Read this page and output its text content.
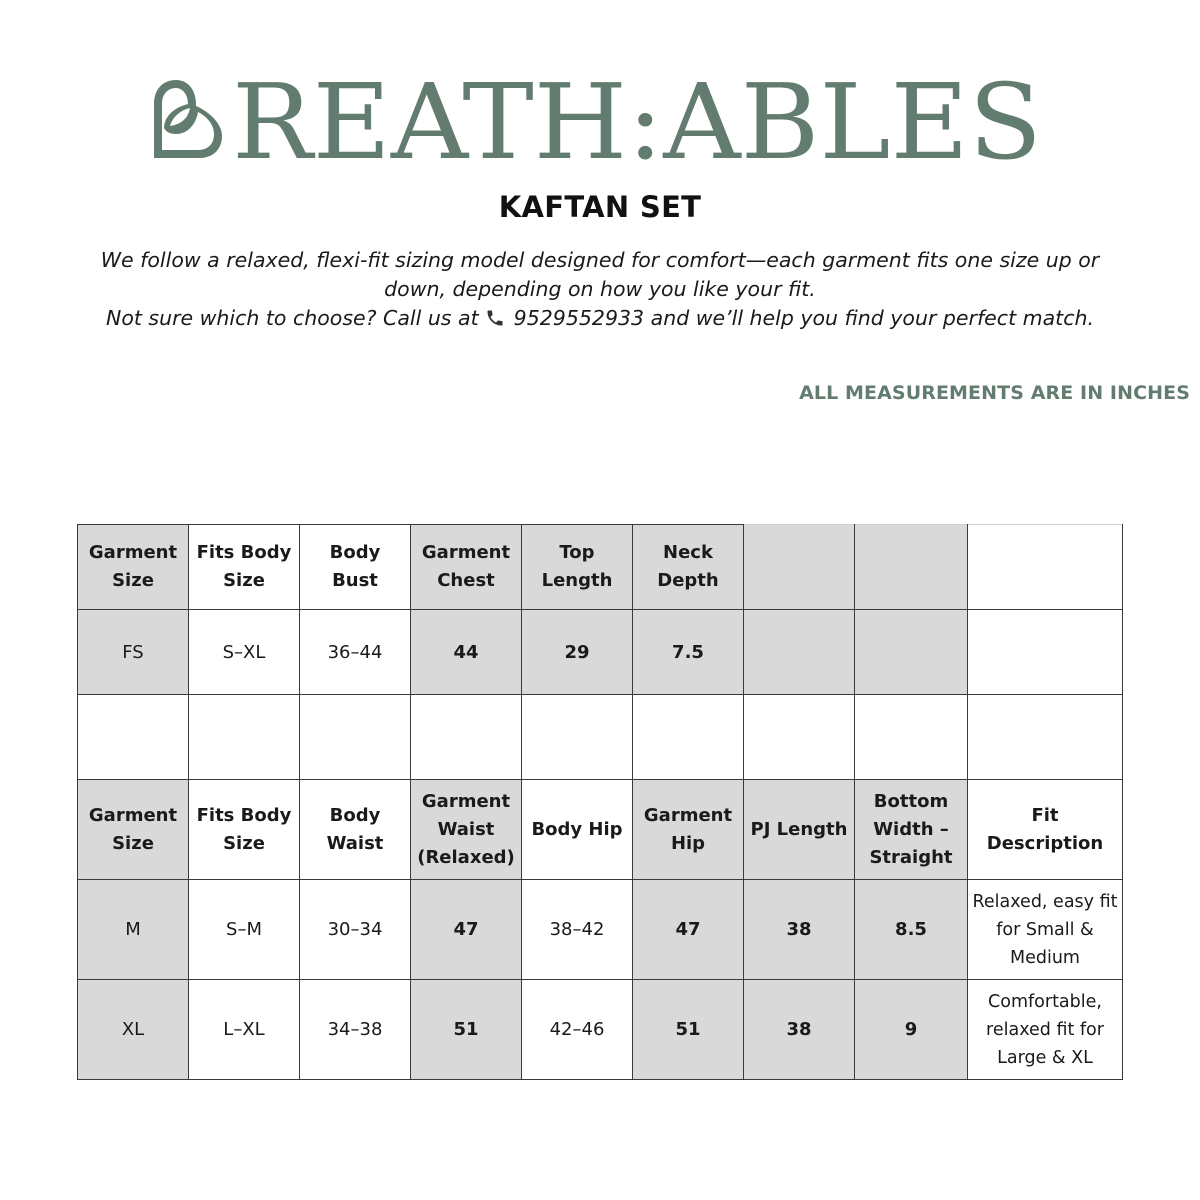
REATH:ABLES
KAFTAN SET
We follow a relaxed, flexi-fit sizing model designed for comfort—each garment fits one size up or
down, depending on how you like your fit.
Not sure which to choose? Call us at 9529552933 and we’ll help you find your perfect match.
ALL MEASUREMENTS ARE IN INCHES
Garment Size	Fits Body Size	Body Bust	Garment Chest	Top Length	Neck Depth			
FS	S–XL	36–44	44	29	7.5			

Garment Size	Fits Body Size	Body Waist	Garment Waist (Relaxed)	Body Hip	Garment Hip	PJ Length	Bottom Width – Straight	Fit Description
M	S–M	30–34	47	38–42	47	38	8.5	Relaxed, easy fit for Small & Medium
XL	L–XL	34–38	51	42–46	51	38	9	Comfortable, relaxed fit for Large & XL
